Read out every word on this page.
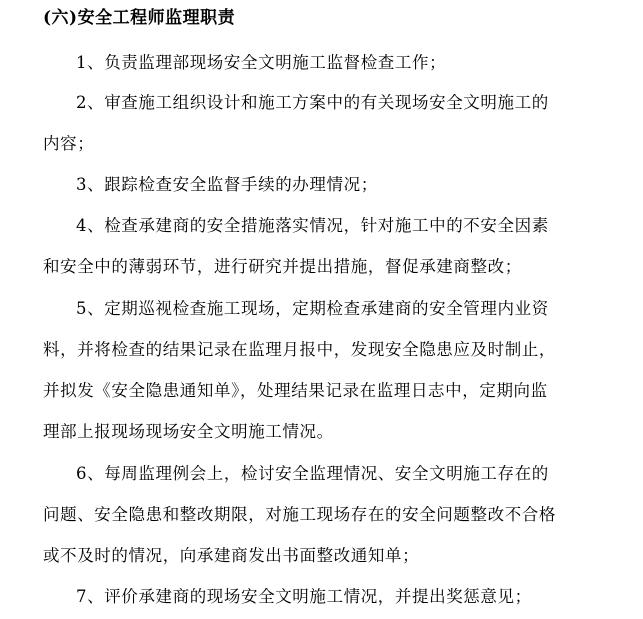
(六)安全工程师监理职责
1、负责监理部现场安全文明施工监督检查工作；
2、审查施工组织设计和施工方案中的有关现场安全文明施工的
内容；
3、跟踪检查安全监督手续的办理情况；
4、检查承建商的安全措施落实情况，针对施工中的不安全因素
和安全中的薄弱环节，进行研究并提出措施，督促承建商整改；
5、定期巡视检查施工现场，定期检查承建商的安全管理内业资
料，并将检查的结果记录在监理月报中，发现安全隐患应及时制止，
并拟发《安全隐患通知单》，处理结果记录在监理日志中，定期向监
理部上报现场现场安全文明施工情况。
6、每周监理例会上，检讨安全监理情况、安全文明施工存在的
问题、安全隐患和整改期限，对施工现场存在的安全问题整改不合格
或不及时的情况，向承建商发出书面整改通知单；
7、评价承建商的现场安全文明施工情况，并提出奖惩意见；
